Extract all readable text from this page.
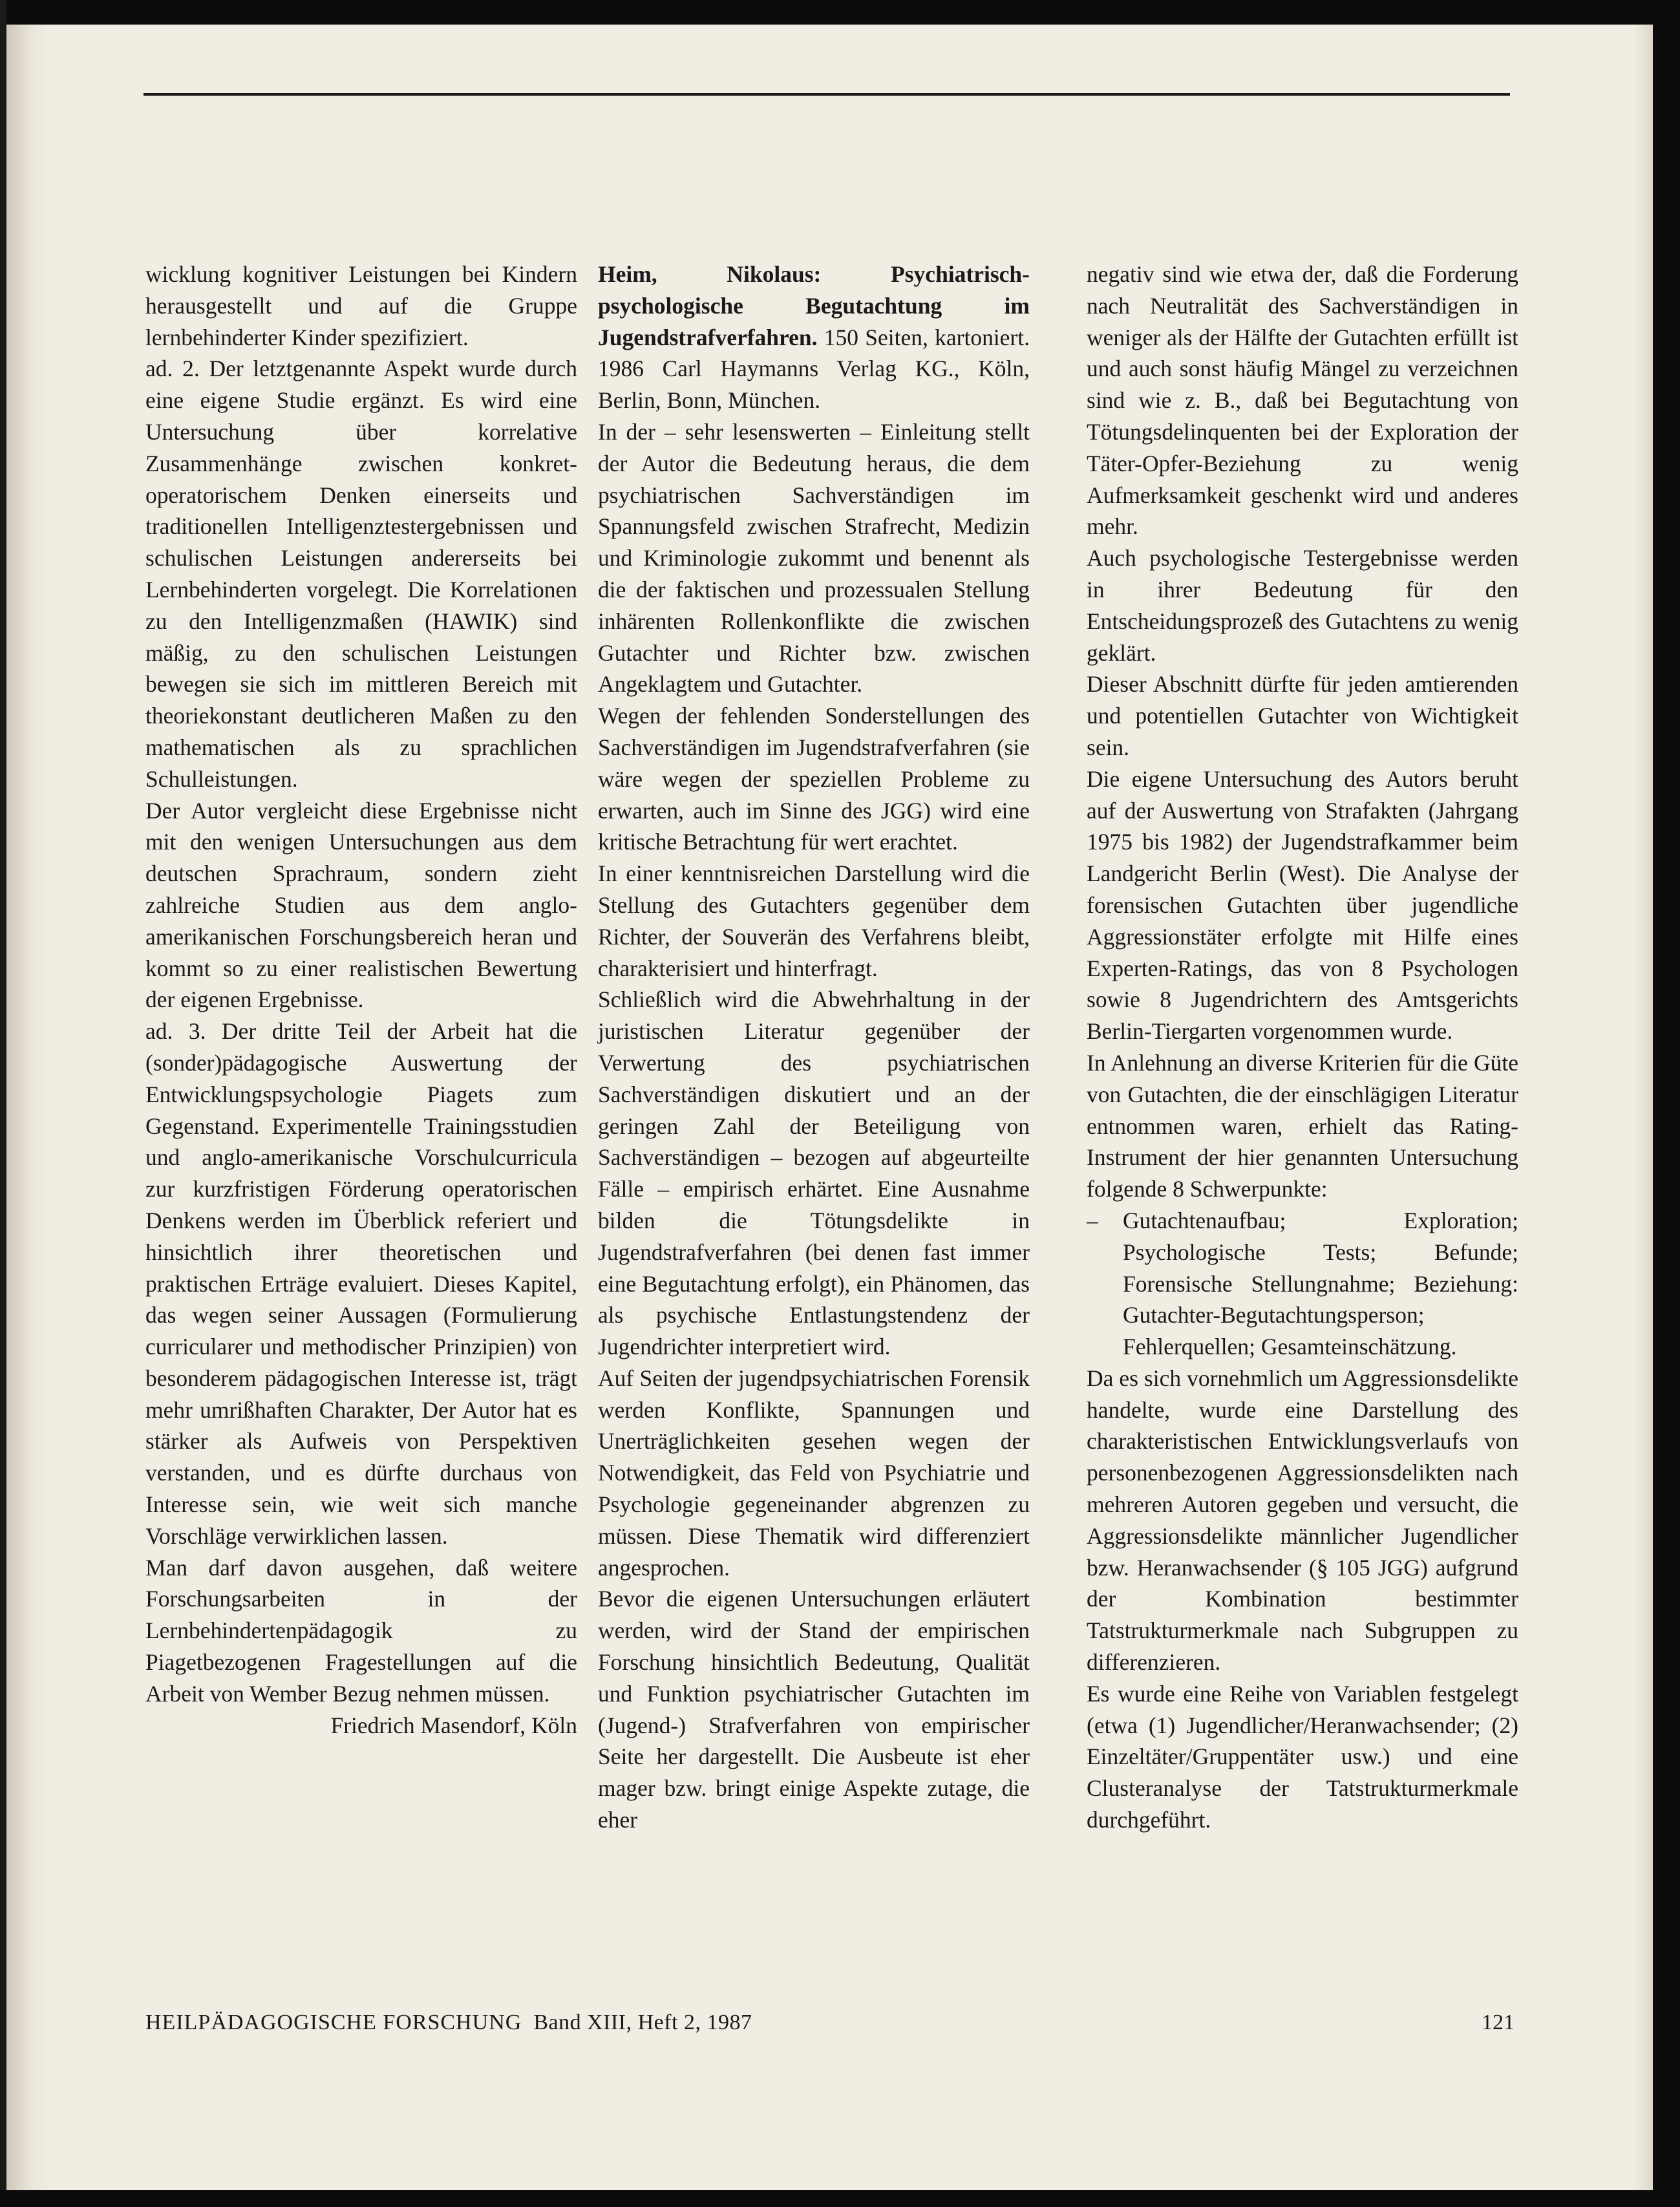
wicklung kognitiver Leistungen bei Kindern herausgestellt und auf die Gruppe lernbehinderter Kinder spezifiziert.

ad. 2. Der letztgenannte Aspekt wurde durch eine eigene Studie ergänzt. Es wird eine Untersuchung über korrelative Zusammenhänge zwischen konkret-operatorischem Denken einerseits und traditionellen Intelligenztestergebnissen und schulischen Leistungen andererseits bei Lernbehinderten vorgelegt. Die Korrelationen zu den Intelligenzmaßen (HAWIK) sind mäßig, zu den schulischen Leistungen bewegen sie sich im mittleren Bereich mit theoriekonstant deutlicheren Maßen zu den mathematischen als zu sprachlichen Schulleistungen.

Der Autor vergleicht diese Ergebnisse nicht mit den wenigen Untersuchungen aus dem deutschen Sprachraum, sondern zieht zahlreiche Studien aus dem anglo-amerikanischen Forschungsbereich heran und kommt so zu einer realistischen Bewertung der eigenen Ergebnisse.

ad. 3. Der dritte Teil der Arbeit hat die (sonder)pädagogische Auswertung der Entwicklungspsychologie Piagets zum Gegenstand. Experimentelle Trainingsstudien und anglo-amerikanische Vorschulcurricula zur kurzfristigen Förderung operatorischen Denkens werden im Überblick referiert und hinsichtlich ihrer theoretischen und praktischen Erträge evaluiert. Dieses Kapitel, das wegen seiner Aussagen (Formulierung curricularer und methodischer Prinzipien) von besonderem pädagogischen Interesse ist, trägt mehr umrißhaften Charakter, Der Autor hat es stärker als Aufweis von Perspektiven verstanden, und es dürfte durchaus von Interesse sein, wie weit sich manche Vorschläge verwirklichen lassen.

Man darf davon ausgehen, daß weitere Forschungsarbeiten in der Lernbehindertenpädagogik zu Piagetbezogenen Fragestellungen auf die Arbeit von Wember Bezug nehmen müssen.

Friedrich Masendorf, Köln

Heim, Nikolaus: Psychiatrisch-psychologische Begutachtung im Jugendstrafverfahren. 150 Seiten, kartoniert. 1986 Carl Haymanns Verlag KG., Köln, Berlin, Bonn, München.

In der – sehr lesenswerten – Einleitung stellt der Autor die Bedeutung heraus, die dem psychiatrischen Sachverständigen im Spannungsfeld zwischen Strafrecht, Medizin und Kriminologie zukommt und benennt als die der faktischen und prozessualen Stellung inhärenten Rollenkonflikte die zwischen Gutachter und Richter bzw. zwischen Angeklagtem und Gutachter.

Wegen der fehlenden Sonderstellungen des Sachverständigen im Jugendstrafverfahren (sie wäre wegen der speziellen Probleme zu erwarten, auch im Sinne des JGG) wird eine kritische Betrachtung für wert erachtet.

In einer kenntnisreichen Darstellung wird die Stellung des Gutachters gegenüber dem Richter, der Souverän des Verfahrens bleibt, charakterisiert und hinterfragt.

Schließlich wird die Abwehrhaltung in der juristischen Literatur gegenüber der Verwertung des psychiatrischen Sachverständigen diskutiert und an der geringen Zahl der Beteiligung von Sachverständigen – bezogen auf abgeurteilte Fälle – empirisch erhärtet. Eine Ausnahme bilden die Tötungsdelikte in Jugendstrafverfahren (bei denen fast immer eine Begutachtung erfolgt), ein Phänomen, das als psychische Entlastungstendenz der Jugendrichter interpretiert wird.

Auf Seiten der jugendpsychiatrischen Forensik werden Konflikte, Spannungen und Unerträglichkeiten gesehen wegen der Notwendigkeit, das Feld von Psychiatrie und Psychologie gegeneinander abgrenzen zu müssen. Diese Thematik wird differenziert angesprochen.

Bevor die eigenen Untersuchungen erläutert werden, wird der Stand der empirischen Forschung hinsichtlich Bedeutung, Qualität und Funktion psychiatrischer Gutachten im (Jugend-) Strafverfahren von empirischer Seite her dargestellt. Die Ausbeute ist eher mager bzw. bringt einige Aspekte zutage, die eher

negativ sind wie etwa der, daß die Forderung nach Neutralität des Sachverständigen in weniger als der Hälfte der Gutachten erfüllt ist und auch sonst häufig Mängel zu verzeichnen sind wie z. B., daß bei Begutachtung von Tötungsdelinquenten bei der Exploration der Täter-Opfer-Beziehung zu wenig Aufmerksamkeit geschenkt wird und anderes mehr.

Auch psychologische Testergebnisse werden in ihrer Bedeutung für den Entscheidungsprozeß des Gutachtens zu wenig geklärt.

Dieser Abschnitt dürfte für jeden amtierenden und potentiellen Gutachter von Wichtigkeit sein.

Die eigene Untersuchung des Autors beruht auf der Auswertung von Strafakten (Jahrgang 1975 bis 1982) der Jugendstrafkammer beim Landgericht Berlin (West). Die Analyse der forensischen Gutachten über jugendliche Aggressionstäter erfolgte mit Hilfe eines Experten-Ratings, das von 8 Psychologen sowie 8 Jugendrichtern des Amtsgerichts Berlin-Tiergarten vorgenommen wurde.

In Anlehnung an diverse Kriterien für die Güte von Gutachten, die der einschlägigen Literatur entnommen waren, erhielt das Rating-Instrument der hier genannten Untersuchung folgende 8 Schwerpunkte:

–	Gutachtenaufbau; Exploration; Psychologische Tests; Befunde; Forensische Stellungnahme; Beziehung: Gutachter-Begutachtungsperson; Fehlerquellen; Gesamteinschätzung.

Da es sich vornehmlich um Aggressionsdelikte handelte, wurde eine Darstellung des charakteristischen Entwicklungsverlaufs von personenbezogenen Aggressionsdelikten nach mehreren Autoren gegeben und versucht, die Aggressionsdelikte männlicher Jugendlicher bzw. Heranwachsender (§ 105 JGG) aufgrund der Kombination bestimmter Tatstrukturmerkmale nach Subgruppen zu differenzieren.

Es wurde eine Reihe von Variablen festgelegt (etwa (1) Jugendlicher/Heranwachsender; (2) Einzeltäter/Gruppentäter usw.) und eine Clusteranalyse der Tatstrukturmerkmale durchgeführt.

HEILPÄDAGOGISCHE FORSCHUNG Band XIII, Heft 2, 1987	121
